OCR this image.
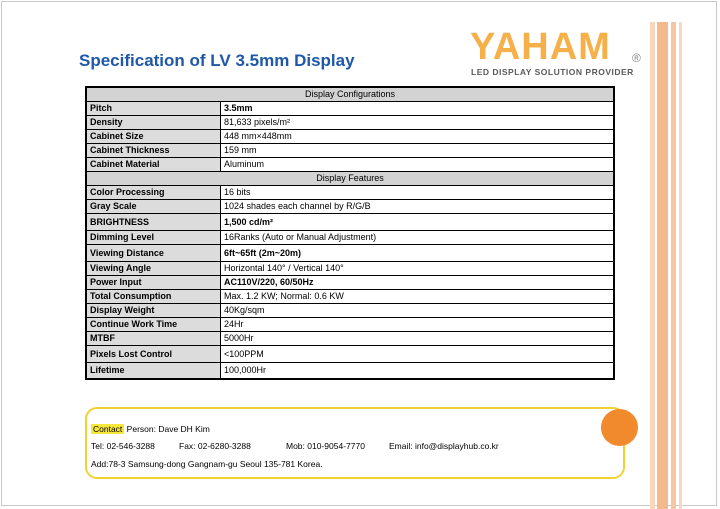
Specification of LV 3.5mm Display	YAHAM ®
LED DISPLAY SOLUTION PROVIDER
Display Configurations	
Pitch	3.5mm
Density	81,633 pixels/m²
Cabinet Size	448 mm×448mm
Cabinet Thickness	159 mm
Cabinet Material	Aluminum
Display Features	
Color Processing	16 bits
Gray Scale	1024 shades each channel by R/G/B
BRIGHTNESS	1,500 cd/m²
Dimming Level	16Ranks (Auto or Manual Adjustment)
Viewing Distance	6ft~65ft (2m~20m)
Viewing Angle	Horizontal 140° / Vertical 140°
Power Input	AC110V/220, 60/50Hz
Total Consumption	Max. 1.2 KW; Normal: 0.6 KW
Display Weight	40Kg/sqm
Continue Work Time	24Hr
MTBF	5000Hr
Pixels Lost Control	<100PPM
Lifetime	100,000Hr
Contact Person: Dave DH Kim
Tel: 02-546-3288	Fax: 02-6280-3288	Mob: 010-9054-7770	Email: info@displayhub.co.kr
Add:78-3 Samsung-dong Gangnam-gu Seoul 135-781 Korea.
